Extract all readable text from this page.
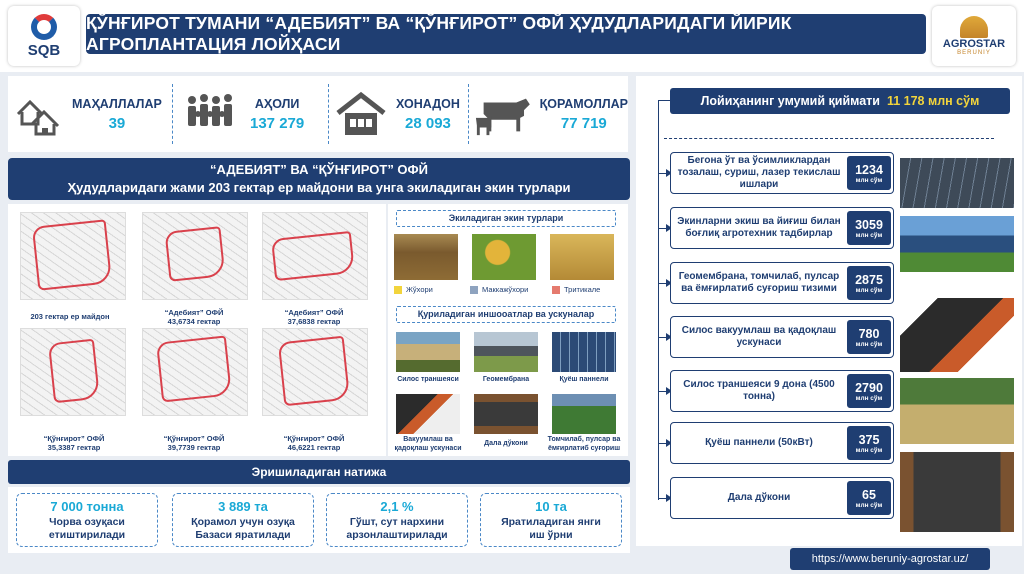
SQB
ҚЎНҒИРОТ ТУМАНИ “АДЕБИЯТ” ВА “ҚЎНҒИРОТ” ОФЙ ҲУДУДЛАРИДАГИ ЙИРИК АГРОПЛАНТАЦИЯ ЛОЙҲАСИ	AGROSTAR
BERUNIY
МАҲАЛЛАЛАР
39
АҲОЛИ
137 279
ХОНАДОН
28 093
ҚОРАМОЛЛАР
77 719
“АДЕБИЯТ” ВА “ҚЎНҒИРОТ” ОФЙ
Ҳудудларидаги жами 203 гектар ер майдони ва унга экиладиган экин турлари
203 гектар ер майдон	“Адебият” ОФЙ
43,6734 гектар
“Адебият” ОФЙ
37,6838 гектар
“Қўнғирот” ОФЙ
35,3387 гектар
“Қўнғирот” ОФЙ
39,7739 гектар
“Қўнғирот” ОФЙ
46,6221 гектар
Экиладиган экин турлари
Жўхори	Маккажўхори	Тритикале
Қуриладиган иншооатлар ва ускуналар
Силос траншеяси	Геомембрана	Қуёш паннели
Вакуумлаш ва
қадоқлаш ускунаси
Дала дўкони
Томчилаб, пулсар ва
ёмғирлатиб суғориш
Эришиладиган натижа
7 000 тонна
Чорва озуқаси
етиштирилади
3 889 та
Қорамол учун озуқа
Базаси яратилади
2,1 %
Гўшт, сут нархини
арзонлаштирилади
10 та
Яратиладиган янги
иш ўрни
Лойиҳанинг умумий қиймати 11 178 млн сўм
Бегона ўт ва ўсимликлардан тозалаш, суриш, лазер текислаш ишлари
1234
млн сўм
Экинларни экиш ва йиғиш билан боғлиқ агротехник тадбирлар
3059
млн сўм
Геомембрана, томчилаб, пулсар ва ёмғирлатиб суғориш тизими
2875
млн сўм
Силос вакуумлаш ва қадоқлаш ускунаси
780
млн сўм
Силос траншеяси 9 дона (4500 тонна)
2790
млн сўм
Қуёш паннели (50кВт)	375
млн сўм
Дала дўкони	65
млн сўм
https://www.beruniy-agrostar.uz/
